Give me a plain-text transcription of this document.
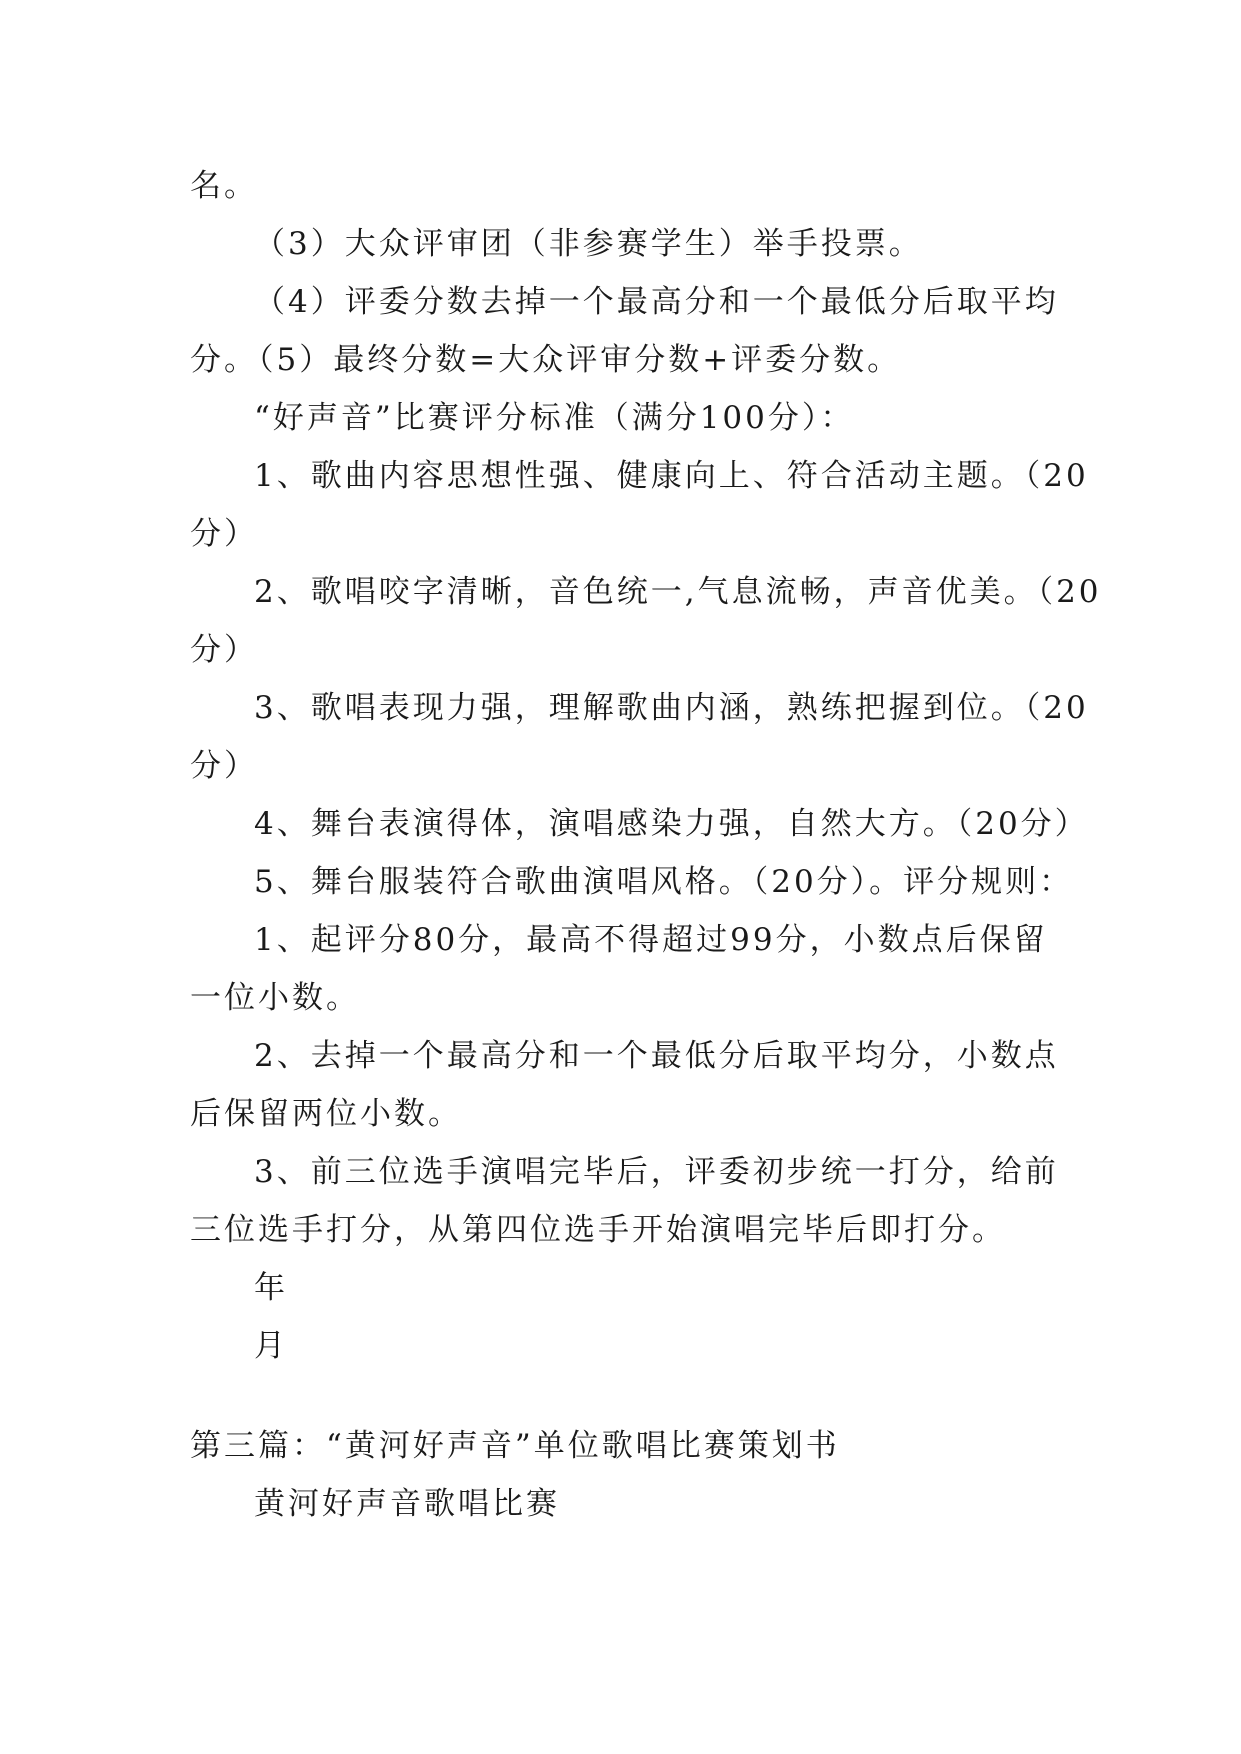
名。
（3）大众评审团（非参赛学生）举手投票。
（4）评委分数去掉一个最高分和一个最低分后取平均
分。（5）最终分数=大众评审分数+评委分数。
“好声音”比赛评分标准（满分100分）：
1、歌曲内容思想性强、健康向上、符合活动主题。（20
分）
2、歌唱咬字清晰，音色统一,气息流畅，声音优美。（20
分）
3、歌唱表现力强，理解歌曲内涵，熟练把握到位。（20
分）
4、舞台表演得体，演唱感染力强，自然大方。（20分）
5、舞台服装符合歌曲演唱风格。（20分）。评分规则：
1、起评分80分，最高不得超过99分，小数点后保留
一位小数。
2、去掉一个最高分和一个最低分后取平均分，小数点
后保留两位小数。
3、前三位选手演唱完毕后，评委初步统一打分，给前
三位选手打分，从第四位选手开始演唱完毕后即打分。
年
月
第三篇：“黄河好声音”单位歌唱比赛策划书
黄河好声音歌唱比赛
